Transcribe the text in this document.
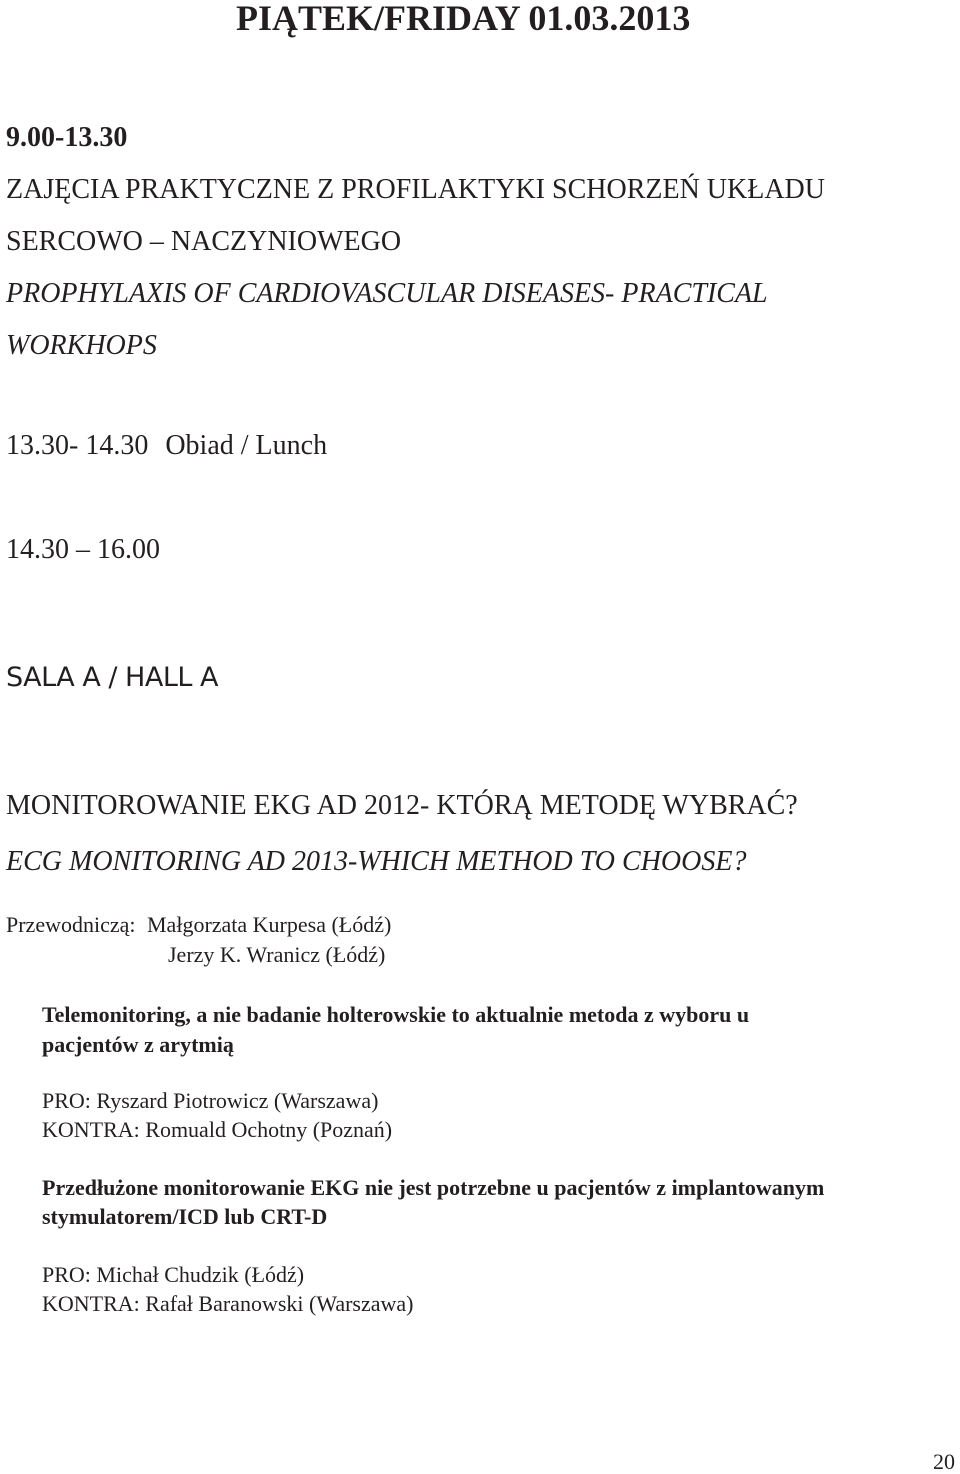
PIĄTEK/FRIDAY 01.03.2013
9.00-13.30
ZAJĘCIA PRAKTYCZNE Z PROFILAKTYKI SCHORZEŃ UKŁADU
SERCOWO – NACZYNIOWEGO
PROPHYLAXIS OF CARDIOVASCULAR DISEASES- PRACTICAL
WORKHOPS
13.30- 14.30 Obiad / Lunch
14.30 – 16.00
SALA A / HALL A
MONITOROWANIE EKG AD 2012- KTÓRĄ METODĘ WYBRAĆ?
ECG MONITORING AD 2013-WHICH METHOD TO CHOOSE?
Przewodniczą: Małgorzata Kurpesa (Łódź)
Jerzy K. Wranicz (Łódź)
Telemonitoring, a nie badanie holterowskie to aktualnie metoda z wyboru u
pacjentów z arytmią
PRO: Ryszard Piotrowicz (Warszawa)
KONTRA: Romuald Ochotny (Poznań)
Przedłużone monitorowanie EKG nie jest potrzebne u pacjentów z implantowanym
stymulatorem/ICD lub CRT-D
PRO: Michał Chudzik (Łódź)
KONTRA: Rafał Baranowski (Warszawa)
20
